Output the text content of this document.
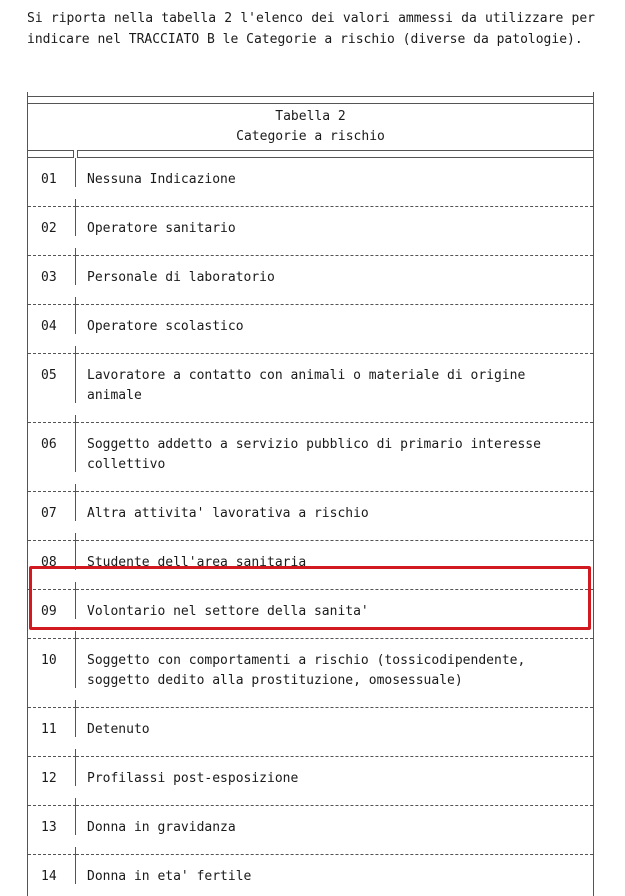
Si riporta nella tabella 2 l'elenco dei valori ammessi da utilizzare per indicare nel TRACCIATO B le Categorie a rischio (diverse da patologie).

Tabella 2
Categorie a rischio
01	Nessuna Indicazione
02	Operatore sanitario
03	Personale di laboratorio
04	Operatore scolastico
05	Lavoratore a contatto con animali o materiale di origine animale
06	Soggetto addetto a servizio pubblico di primario interesse collettivo
07	Altra attivita' lavorativa a rischio
08	Studente dell'area sanitaria
09	Volontario nel settore della sanita'
10	Soggetto con comportamenti a rischio (tossicodipendente, soggetto dedito alla prostituzione, omosessuale)
11	Detenuto
12	Profilassi post-esposizione
13	Donna in gravidanza
14	Donna in eta' fertile
